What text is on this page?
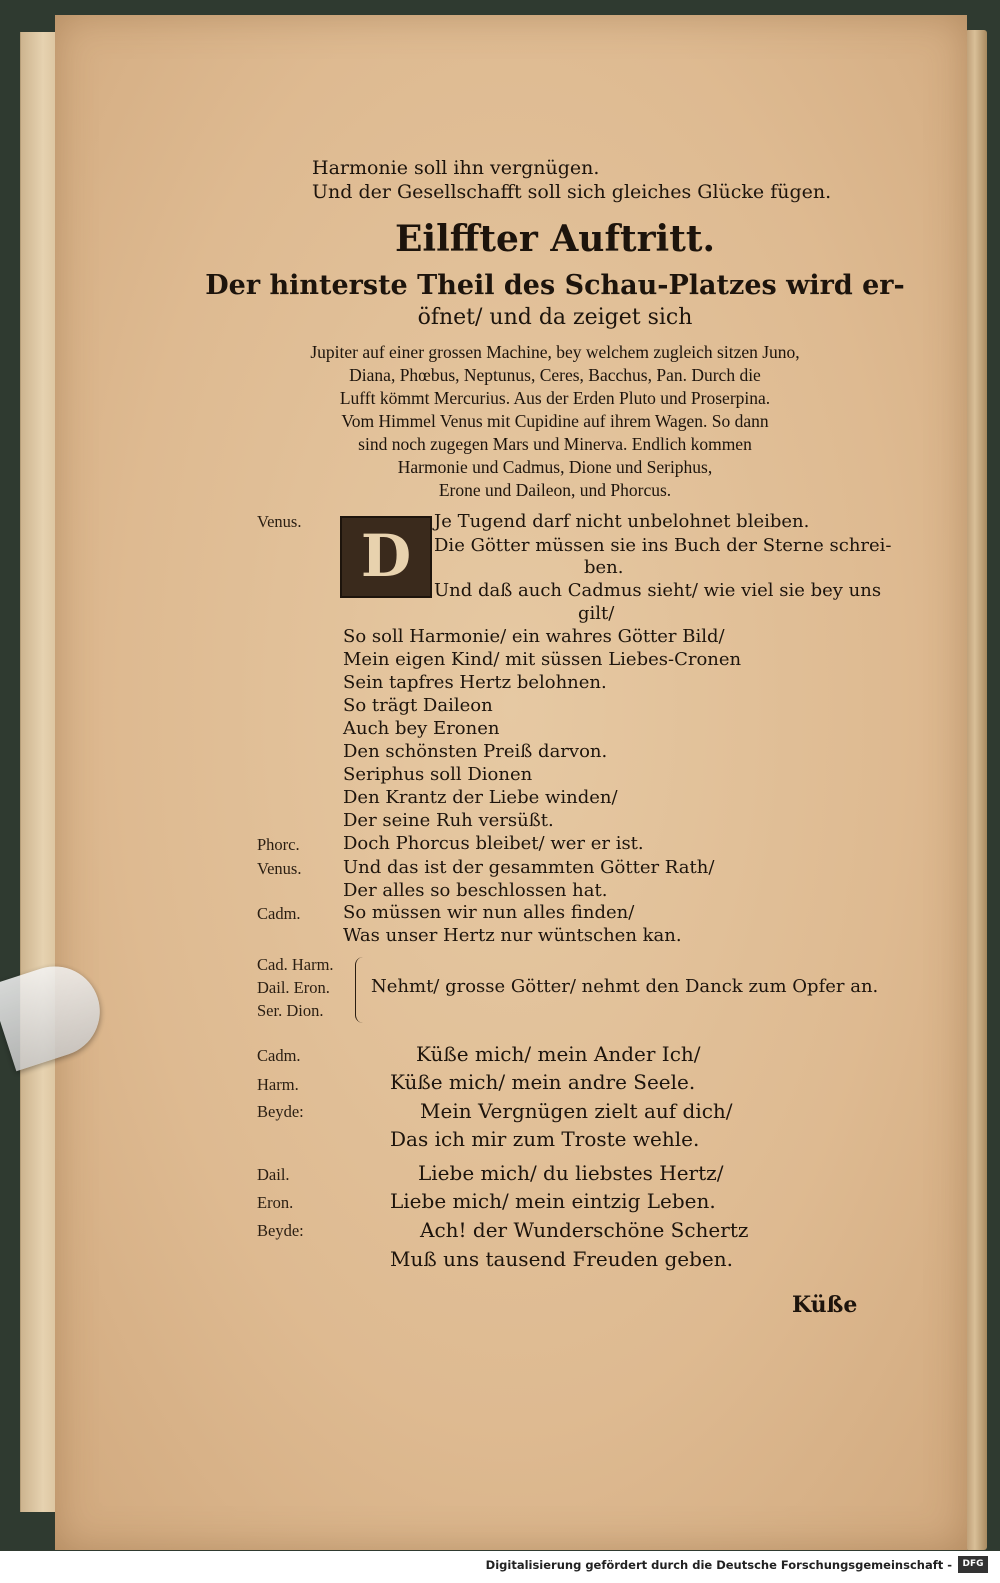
Harmonie soll ihn vergnügen.
Und der Gesellschafft soll sich gleiches Glücke fügen.
Eilffter Auftritt.
Der hinterste Theil des Schau-Platzes wird er-
öfnet/ und da zeiget sich
Jupiter auf einer grossen Machine, bey welchem zugleich sitzen Juno,
Diana, Phœbus, Neptunus, Ceres, Bacchus, Pan. Durch die
Lufft kömmt Mercurius. Aus der Erden Pluto und Proserpina.
Vom Himmel Venus mit Cupidine auf ihrem Wagen. So dann
sind noch zugegen Mars und Minerva. Endlich kommen
Harmonie und Cadmus, Dione und Seriphus,
Erone und Daileon, und Phorcus.
Venus.
D
Je Tugend darf nicht unbelohnet bleiben.
Die Götter müssen sie ins Buch der Sterne schrei-
ben.
Und daß auch Cadmus sieht/ wie viel sie bey uns
gilt/
So soll Harmonie/ ein wahres Götter Bild/
Mein eigen Kind/ mit süssen Liebes-Cronen
Sein tapfres Hertz belohnen.
So trägt Daileon
Auch bey Eronen
Den schönsten Preiß darvon.
Seriphus soll Dionen
Den Krantz der Liebe winden/
Der seine Ruh versüßt.
Phorc. Doch Phorcus bleibet/ wer er ist.
Venus. Und das ist der gesammten Götter Rath/
Der alles so beschlossen hat.
Cadm. So müssen wir nun alles finden/
Was unser Hertz nur wüntschen kan.
Cad. Harm.
Dail. Eron.
Ser. Dion.
Nehmt/ grosse Götter/ nehmt den Danck zum Opfer an.
Cadm.	Küße mich/ mein Ander Ich/
Harm.	Küße mich/ mein andre Seele.
Beyde:	Mein Vergnügen zielt auf dich/
Das ich mir zum Troste wehle.
Dail.	Liebe mich/ du liebstes Hertz/
Eron.	Liebe mich/ mein eintzig Leben.
Beyde:	Ach! der Wunderschöne Schertz
Muß uns tausend Freuden geben.
Küße
Digitalisierung gefördert durch die Deutsche Forschungsgemeinschaft -	DFG
